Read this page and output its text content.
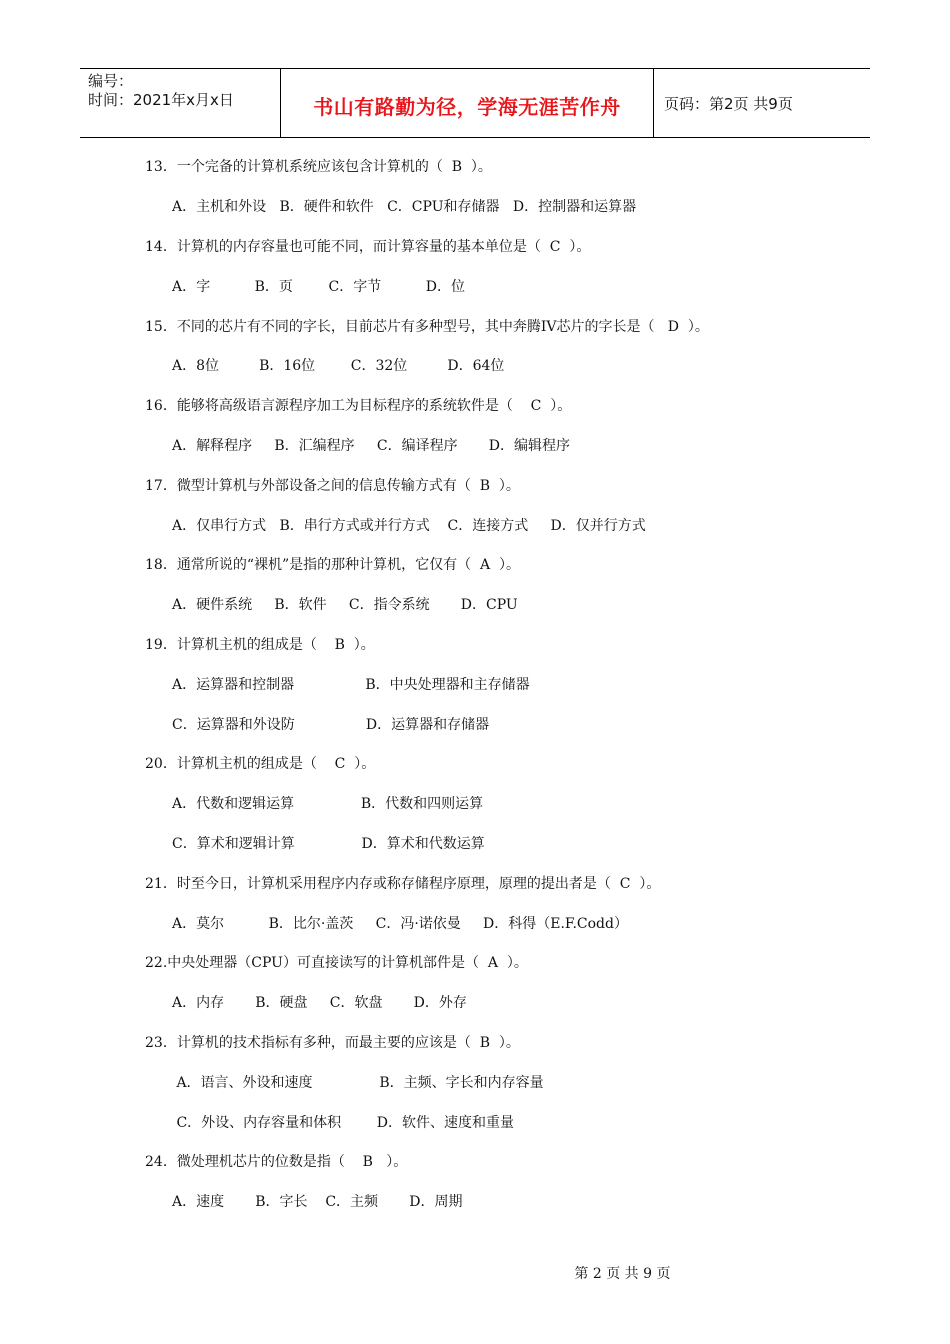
编号：
时间：2021年x月x日	书山有路勤为径，学海无涯苦作舟	页码：第2页 共9页
13．一个完备的计算机系统应该包含计算机的（  B  ）。
A．主机和外设   B．硬件和软件   C．CPU和存储器   D．控制器和运算器
14．计算机的内存容量也可能不同，而计算容量的基本单位是（  C  ）。
A．字          B．页        C．字节          D．位
15．不同的芯片有不同的字长，目前芯片有多种型号，其中奔腾IV芯片的字长是（   D  ）。
A．8位         B．16位        C．32位         D．64位
16．能够将高级语言源程序加工为目标程序的系统软件是（    C  ）。
A．解释程序     B．汇编程序     C．编译程序       D．编辑程序
17．微型计算机与外部设备之间的信息传输方式有（  B  ）。
A．仅串行方式   B．串行方式或并行方式    C．连接方式     D．仅并行方式
18．通常所说的“裸机”是指的那种计算机，它仅有（  A  ）。
A．硬件系统     B．软件     C．指令系统       D．CPU
19．计算机主机的组成是（    B  ）。
A．运算器和控制器                B．中央处理器和主存储器
C．运算器和外设防                D．运算器和存储器
20．计算机主机的组成是（    C  ）。
A．代数和逻辑运算               B．代数和四则运算
C．算术和逻辑计算               D．算术和代数运算
21．时至今日，计算机采用程序内存或称存储程序原理，原理的提出者是（  C  ）。
A．莫尔          B．比尔·盖茨     C．冯·诺依曼     D．科得（E.F.Codd）
22.中央处理器（CPU）可直接读写的计算机部件是（  A  ）。
A．内存       B．硬盘     C．软盘       D．外存
23．计算机的技术指标有多种，而最主要的应该是（  B  ）。
A．语言、外设和速度               B．主频、字长和内存容量
C．外设、内存容量和体积        D．软件、速度和重量
24．微处理机芯片的位数是指（    B   ）。
A．速度       B．字长    C．主频       D．周期

第 2 页 共 9 页
